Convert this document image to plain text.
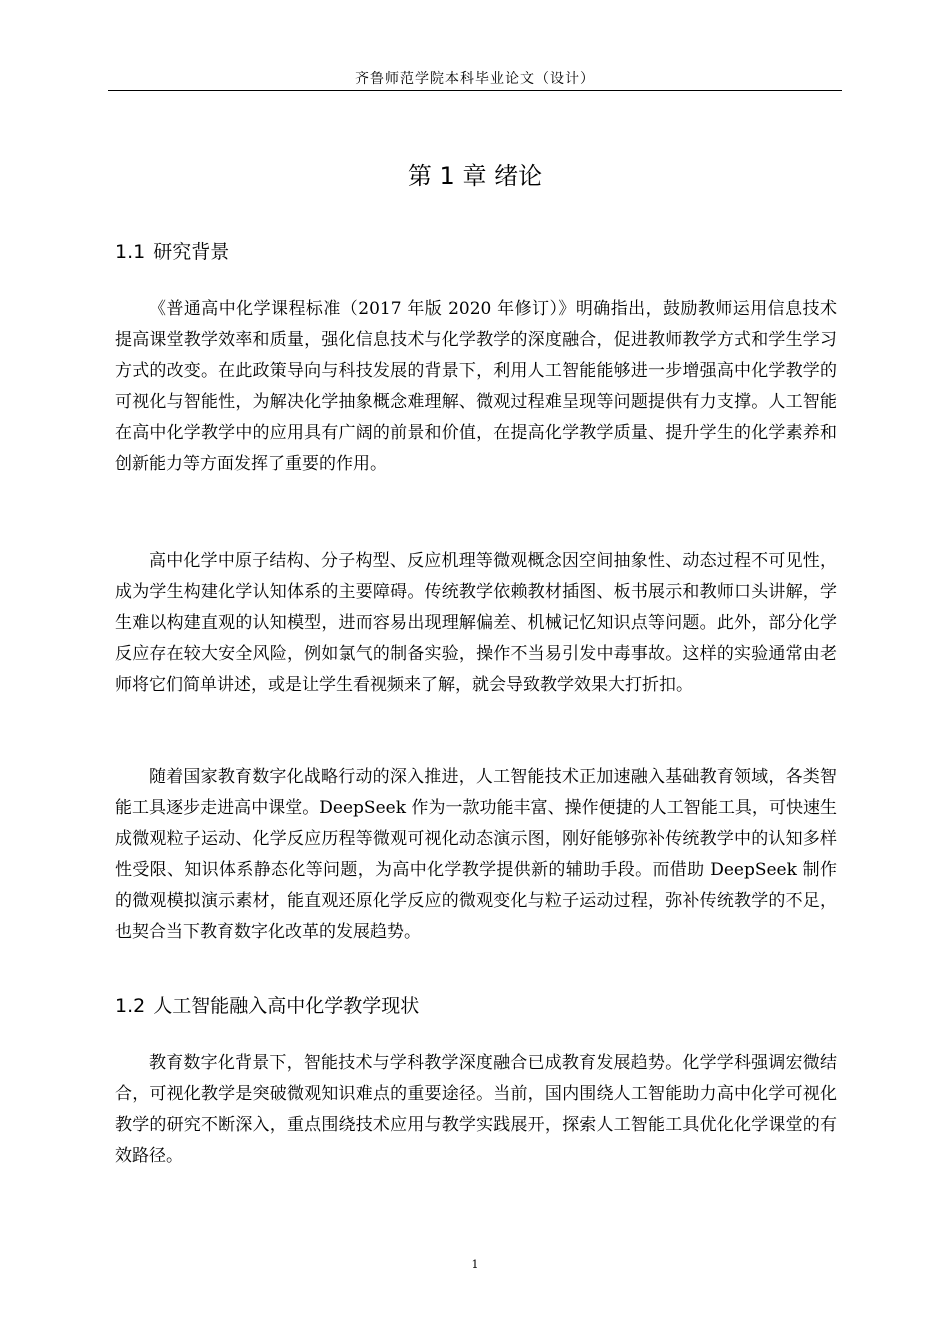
齐鲁师范学院本科毕业论文（设计）
第 1 章 绪论
1.1 研究背景

《普通高中化学课程标准（2017 年版 2020 年修订）》明确指出，鼓励教师运用信息技术提高课堂教学效率和质量，强化信息技术与化学教学的深度融合，促进教师教学方式和学生学习方式的改变。在此政策导向与科技发展的背景下，利用人工智能能够进一步增强高中化学教学的可视化与智能性，为解决化学抽象概念难理解、微观过程难呈现等问题提供有力支撑。人工智能在高中化学教学中的应用具有广阔的前景和价值，在提高化学教学质量、提升学生的化学素养和创新能力等方面发挥了重要的作用。

高中化学中原子结构、分子构型、反应机理等微观概念因空间抽象性、动态过程不可见性，成为学生构建化学认知体系的主要障碍。传统教学依赖教材插图、板书展示和教师口头讲解，学生难以构建直观的认知模型，进而容易出现理解偏差、机械记忆知识点等问题。此外，部分化学反应存在较大安全风险，例如氯气的制备实验，操作不当易引发中毒事故。这样的实验通常由老师将它们简单讲述，或是让学生看视频来了解，就会导致教学效果大打折扣。

随着国家教育数字化战略行动的深入推进，人工智能技术正加速融入基础教育领域，各类智能工具逐步走进高中课堂。DeepSeek 作为一款功能丰富、操作便捷的人工智能工具，可快速生成微观粒子运动、化学反应历程等微观可视化动态演示图，刚好能够弥补传统教学中的认知多样性受限、知识体系静态化等问题，为高中化学教学提供新的辅助手段。而借助 DeepSeek 制作的微观模拟演示素材，能直观还原化学反应的微观变化与粒子运动过程，弥补传统教学的不足，也契合当下教育数字化改革的发展趋势。

1.2 人工智能融入高中化学教学现状

教育数字化背景下，智能技术与学科教学深度融合已成教育发展趋势。化学学科强调宏微结合，可视化教学是突破微观知识难点的重要途径。当前，国内围绕人工智能助力高中化学可视化教学的研究不断深入，重点围绕技术应用与教学实践展开，探索人工智能工具优化化学课堂的有效路径。

1
